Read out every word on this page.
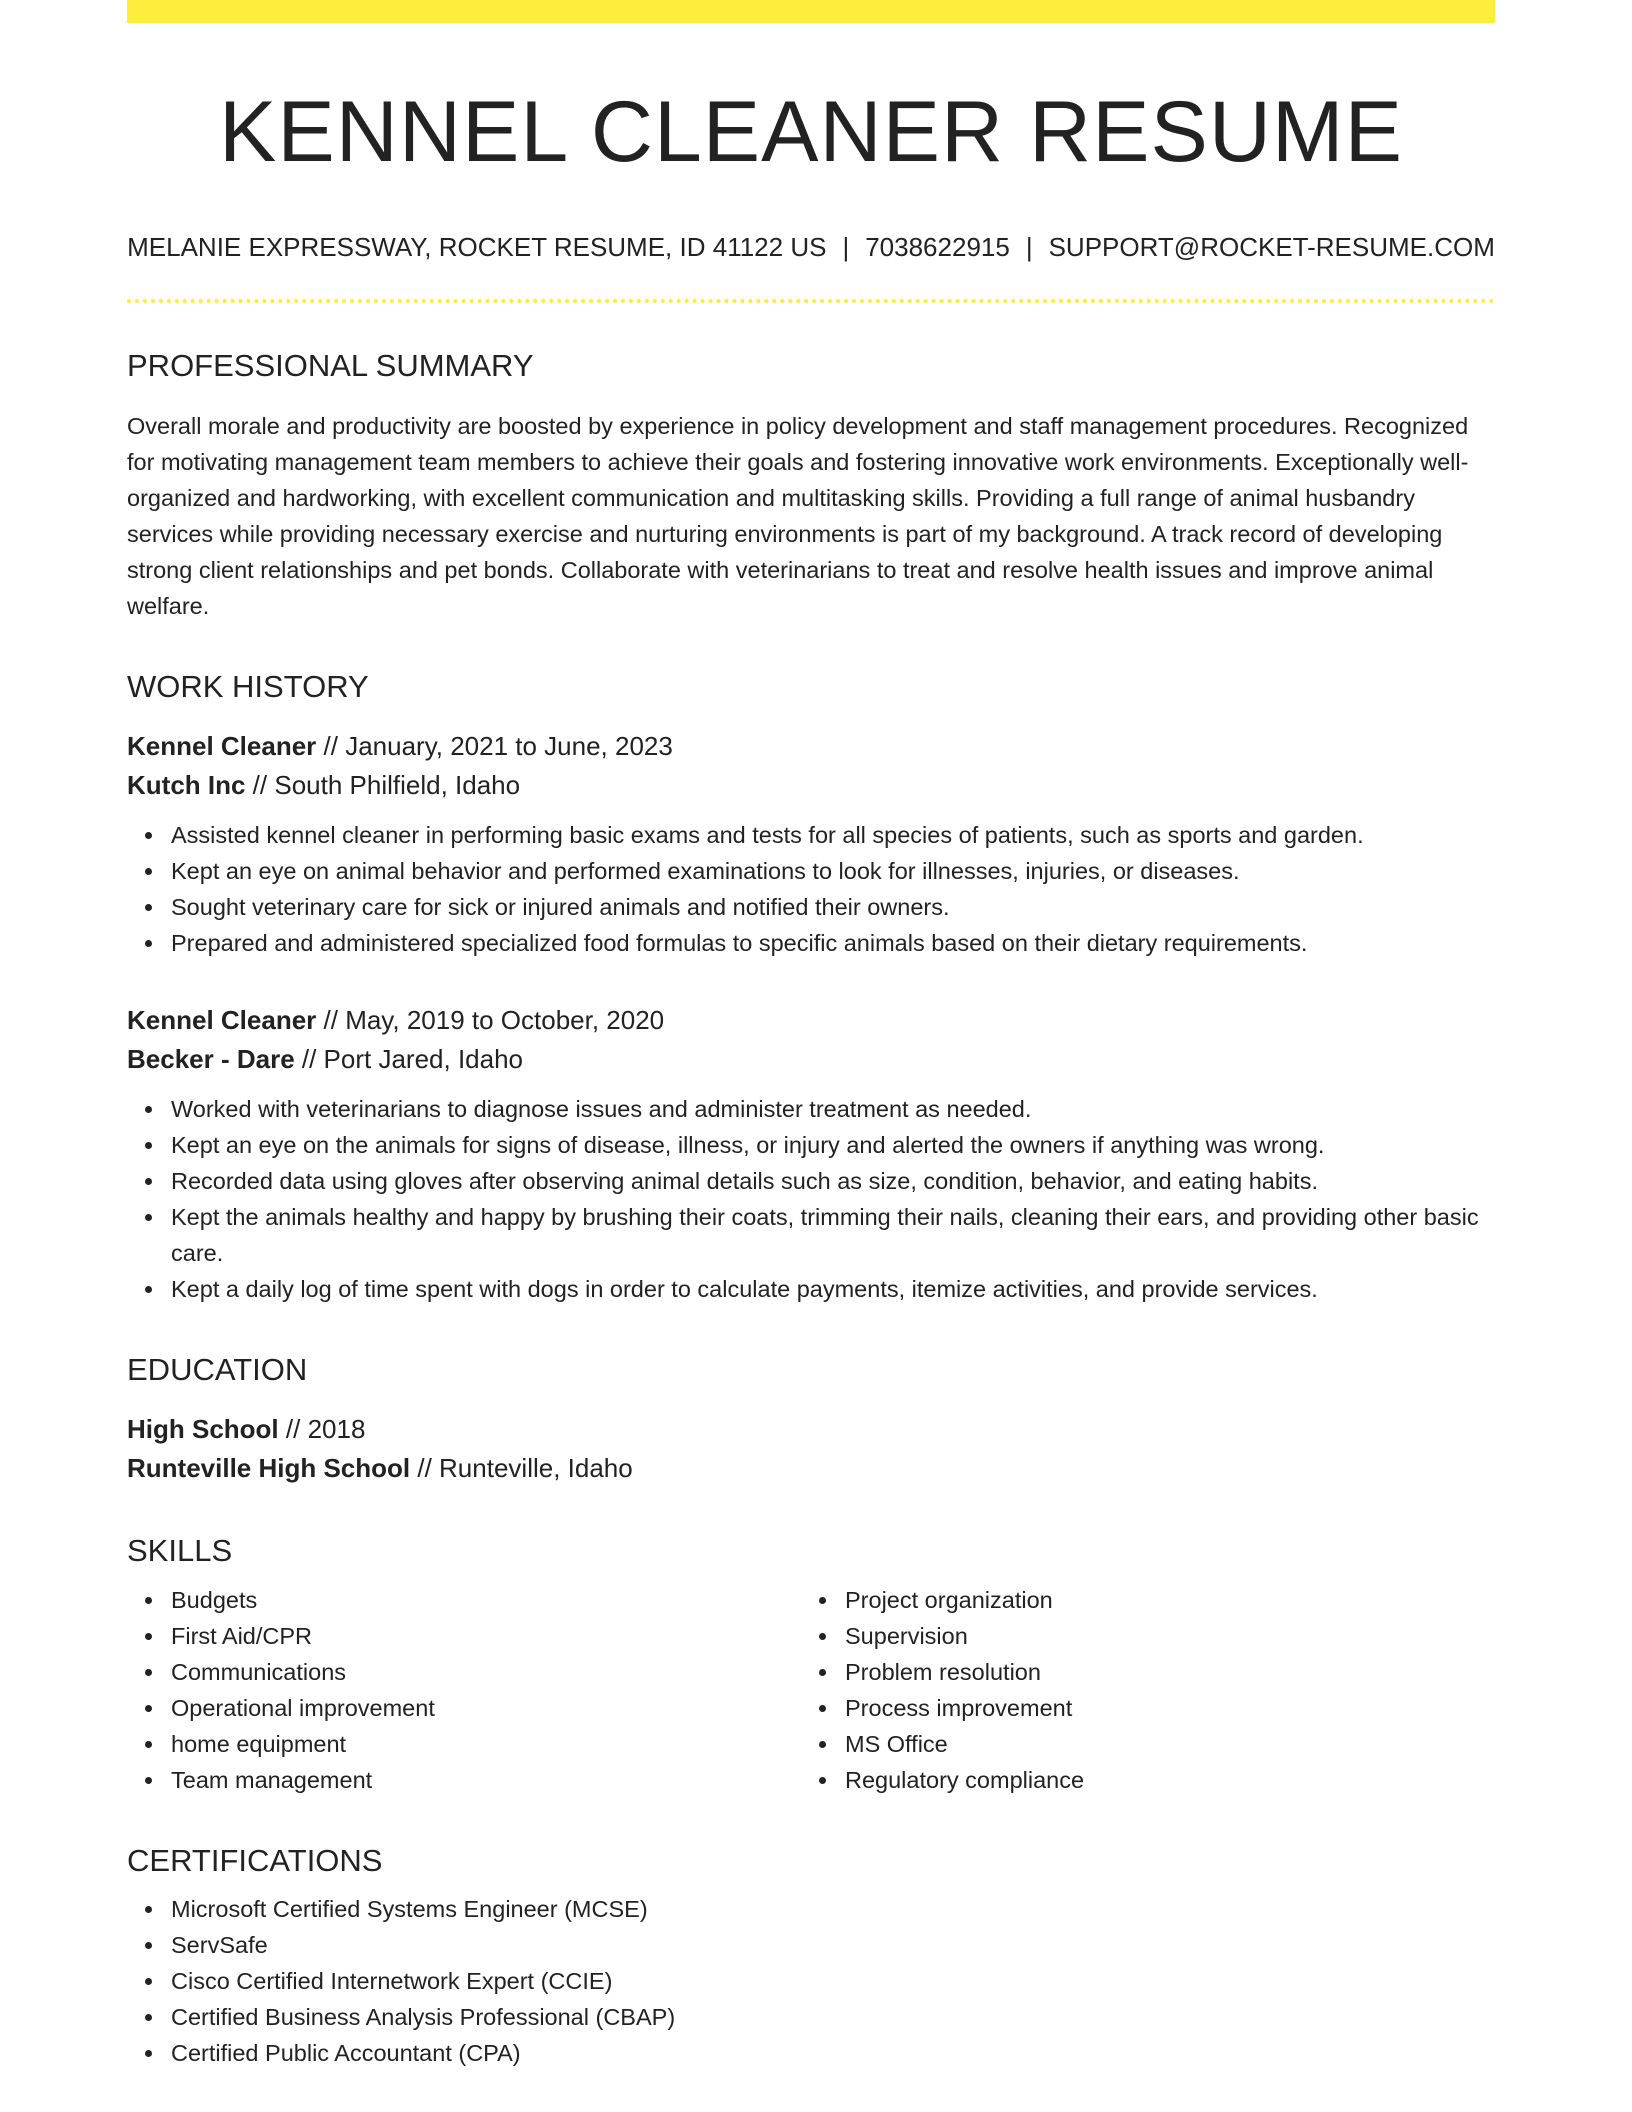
KENNEL CLEANER RESUME
MELANIE EXPRESSWAY, ROCKET RESUME, ID 41122 US | 7038622915 | SUPPORT@ROCKET-RESUME.COM
PROFESSIONAL SUMMARY

Overall morale and productivity are boosted by experience in policy development and staff management procedures. Recognized for motivating management team members to achieve their goals and fostering innovative work environments. Exceptionally well-organized and hardworking, with excellent communication and multitasking skills. Providing a full range of animal husbandry services while providing necessary exercise and nurturing environments is part of my background. A track record of developing strong client relationships and pet bonds. Collaborate with veterinarians to treat and resolve health issues and improve animal welfare.

WORK HISTORY
Kennel Cleaner // January, 2021 to June, 2023
Kutch Inc // South Philfield, Idaho
Assisted kennel cleaner in performing basic exams and tests for all species of patients, such as sports and garden.
Kept an eye on animal behavior and performed examinations to look for illnesses, injuries, or diseases.
Sought veterinary care for sick or injured animals and notified their owners.
Prepared and administered specialized food formulas to specific animals based on their dietary requirements.
Kennel Cleaner // May, 2019 to October, 2020
Becker - Dare // Port Jared, Idaho
Worked with veterinarians to diagnose issues and administer treatment as needed.
Kept an eye on the animals for signs of disease, illness, or injury and alerted the owners if anything was wrong.
Recorded data using gloves after observing animal details such as size, condition, behavior, and eating habits.
Kept the animals healthy and happy by brushing their coats, trimming their nails, cleaning their ears, and providing other basic care.
Kept a daily log of time spent with dogs in order to calculate payments, itemize activities, and provide services.
EDUCATION
High School // 2018
Runteville High School // Runteville, Idaho
SKILLS
Budgets
First Aid/CPR
Communications
Operational improvement
home equipment
Team management
Project organization
Supervision
Problem resolution
Process improvement
MS Office
Regulatory compliance
CERTIFICATIONS
Microsoft Certified Systems Engineer (MCSE)
ServSafe
Cisco Certified Internetwork Expert (CCIE)
Certified Business Analysis Professional (CBAP)
Certified Public Accountant (CPA)
